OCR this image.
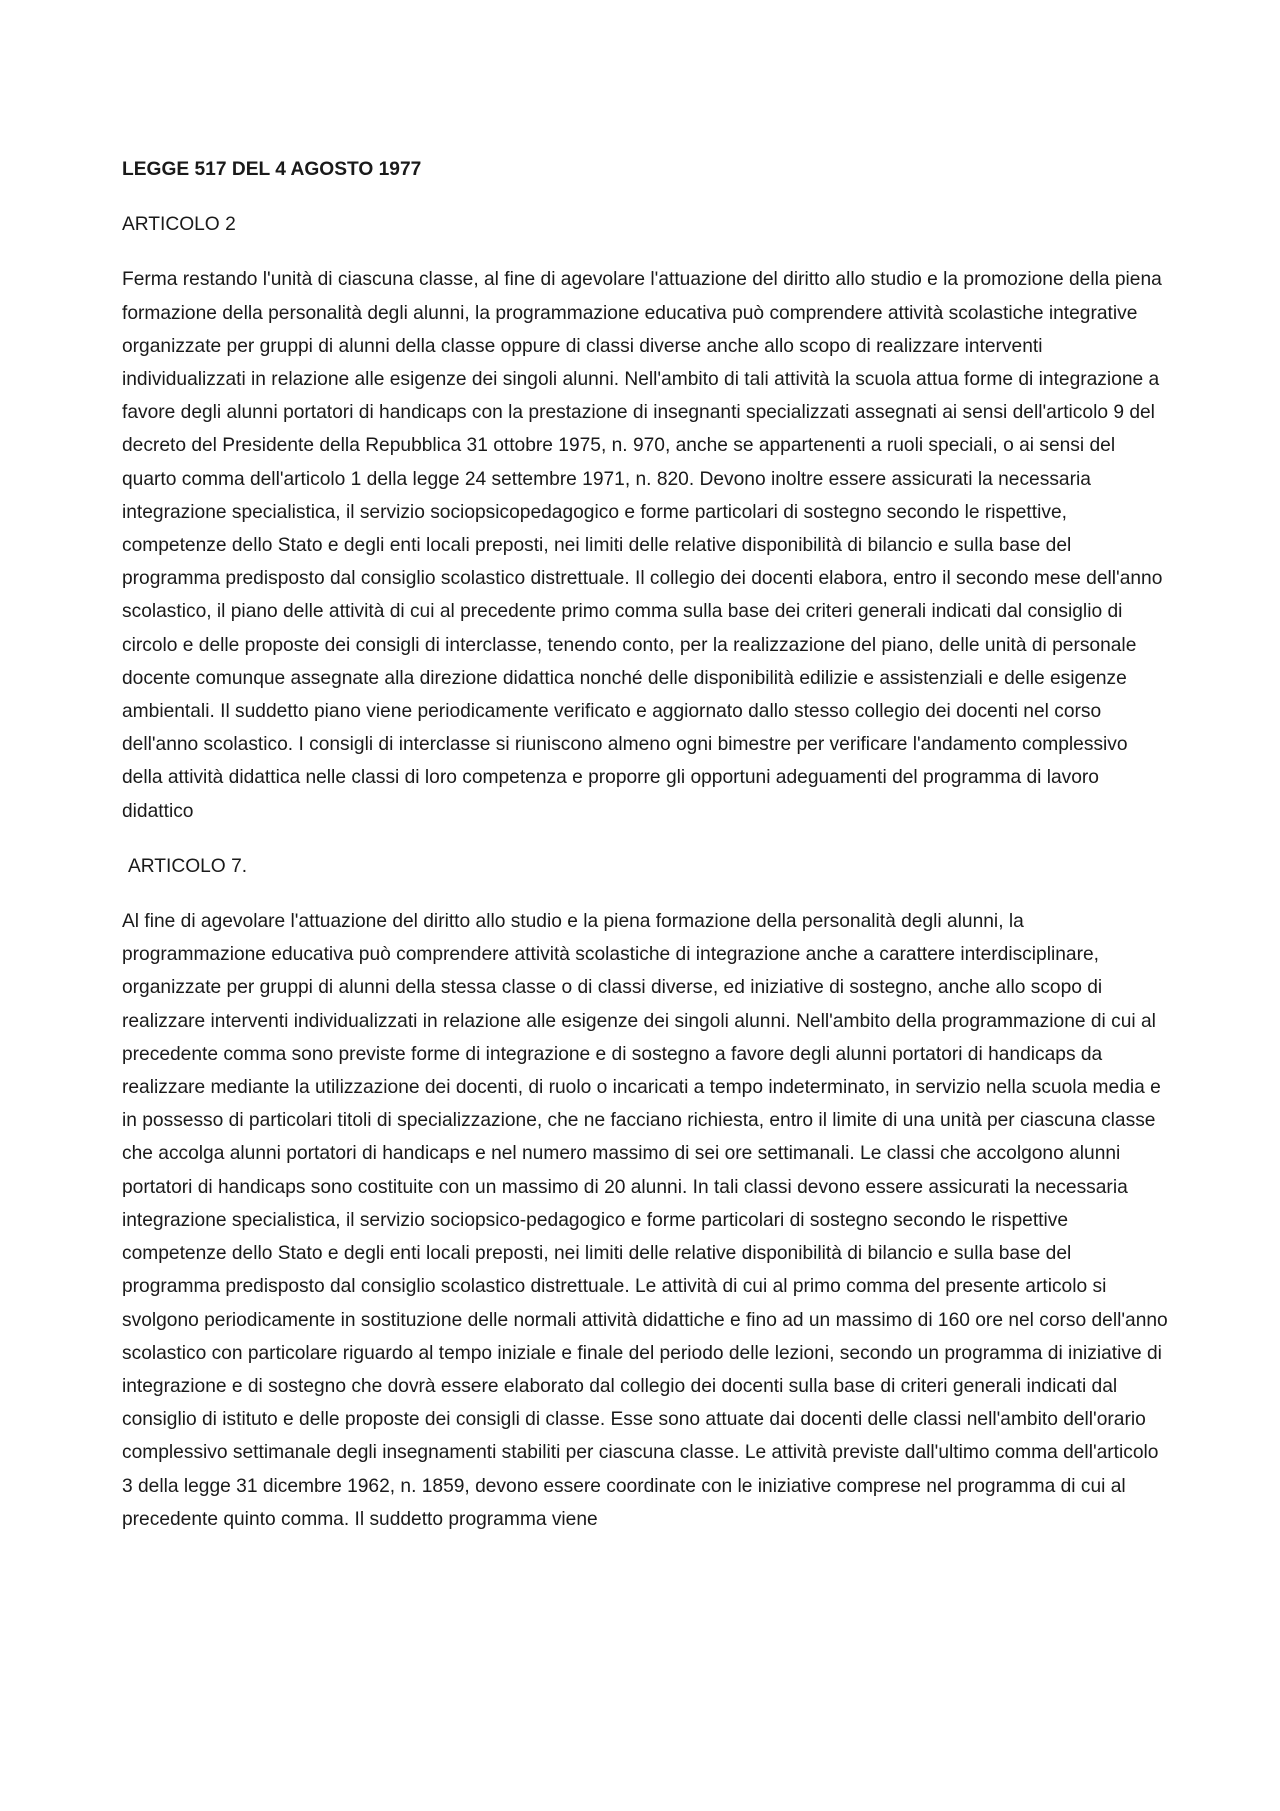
LEGGE 517 DEL 4 AGOSTO 1977

ARTICOLO 2

Ferma restando l'unità di ciascuna classe, al fine di agevolare l'attuazione del diritto allo studio e la promozione della piena formazione della personalità degli alunni, la programmazione educativa può comprendere attività scolastiche integrative organizzate per gruppi di alunni della classe oppure di classi diverse anche allo scopo di realizzare interventi individualizzati in relazione alle esigenze dei singoli alunni. Nell'ambito di tali attività la scuola attua forme di integrazione a favore degli alunni portatori di handicaps con la prestazione di insegnanti specializzati assegnati ai sensi dell'articolo 9 del decreto del Presidente della Repubblica 31 ottobre 1975, n. 970, anche se appartenenti a ruoli speciali, o ai sensi del quarto comma dell'articolo 1 della legge 24 settembre 1971, n. 820. Devono inoltre essere assicurati la necessaria integrazione specialistica, il servizio sociopsicopedagogico e forme particolari di sostegno secondo le rispettive, competenze dello Stato e degli enti locali preposti, nei limiti delle relative disponibilità di bilancio e sulla base del programma predisposto dal consiglio scolastico distrettuale. Il collegio dei docenti elabora, entro il secondo mese dell'anno scolastico, il piano delle attività di cui al precedente primo comma sulla base dei criteri generali indicati dal consiglio di circolo e delle proposte dei consigli di interclasse, tenendo conto, per la realizzazione del piano, delle unità di personale docente comunque assegnate alla direzione didattica nonché delle disponibilità edilizie e assistenziali e delle esigenze ambientali. Il suddetto piano viene periodicamente verificato e aggiornato dallo stesso collegio dei docenti nel corso dell'anno scolastico. I consigli di interclasse si riuniscono almeno ogni bimestre per verificare l'andamento complessivo della attività didattica nelle classi di loro competenza e proporre gli opportuni adeguamenti del programma di lavoro didattico

ARTICOLO 7.

Al fine di agevolare l'attuazione del diritto allo studio e la piena formazione della personalità degli alunni, la programmazione educativa può comprendere attività scolastiche di integrazione anche a carattere interdisciplinare, organizzate per gruppi di alunni della stessa classe o di classi diverse, ed iniziative di sostegno, anche allo scopo di realizzare interventi individualizzati in relazione alle esigenze dei singoli alunni. Nell'ambito della programmazione di cui al precedente comma sono previste forme di integrazione e di sostegno a favore degli alunni portatori di handicaps da realizzare mediante la utilizzazione dei docenti, di ruolo o incaricati a tempo indeterminato, in servizio nella scuola media e in possesso di particolari titoli di specializzazione, che ne facciano richiesta, entro il limite di una unità per ciascuna classe che accolga alunni portatori di handicaps e nel numero massimo di sei ore settimanali. Le classi che accolgono alunni portatori di handicaps sono costituite con un massimo di 20 alunni. In tali classi devono essere assicurati la necessaria integrazione specialistica, il servizio sociopsico-pedagogico e forme particolari di sostegno secondo le rispettive competenze dello Stato e degli enti locali preposti, nei limiti delle relative disponibilità di bilancio e sulla base del programma predisposto dal consiglio scolastico distrettuale. Le attività di cui al primo comma del presente articolo si svolgono periodicamente in sostituzione delle normali attività didattiche e fino ad un massimo di 160 ore nel corso dell'anno scolastico con particolare riguardo al tempo iniziale e finale del periodo delle lezioni, secondo un programma di iniziative di integrazione e di sostegno che dovrà essere elaborato dal collegio dei docenti sulla base di criteri generali indicati dal consiglio di istituto e delle proposte dei consigli di classe. Esse sono attuate dai docenti delle classi nell'ambito dell'orario complessivo settimanale degli insegnamenti stabiliti per ciascuna classe. Le attività previste dall'ultimo comma dell'articolo 3 della legge 31 dicembre 1962, n. 1859, devono essere coordinate con le iniziative comprese nel programma di cui al precedente quinto comma. Il suddetto programma viene
